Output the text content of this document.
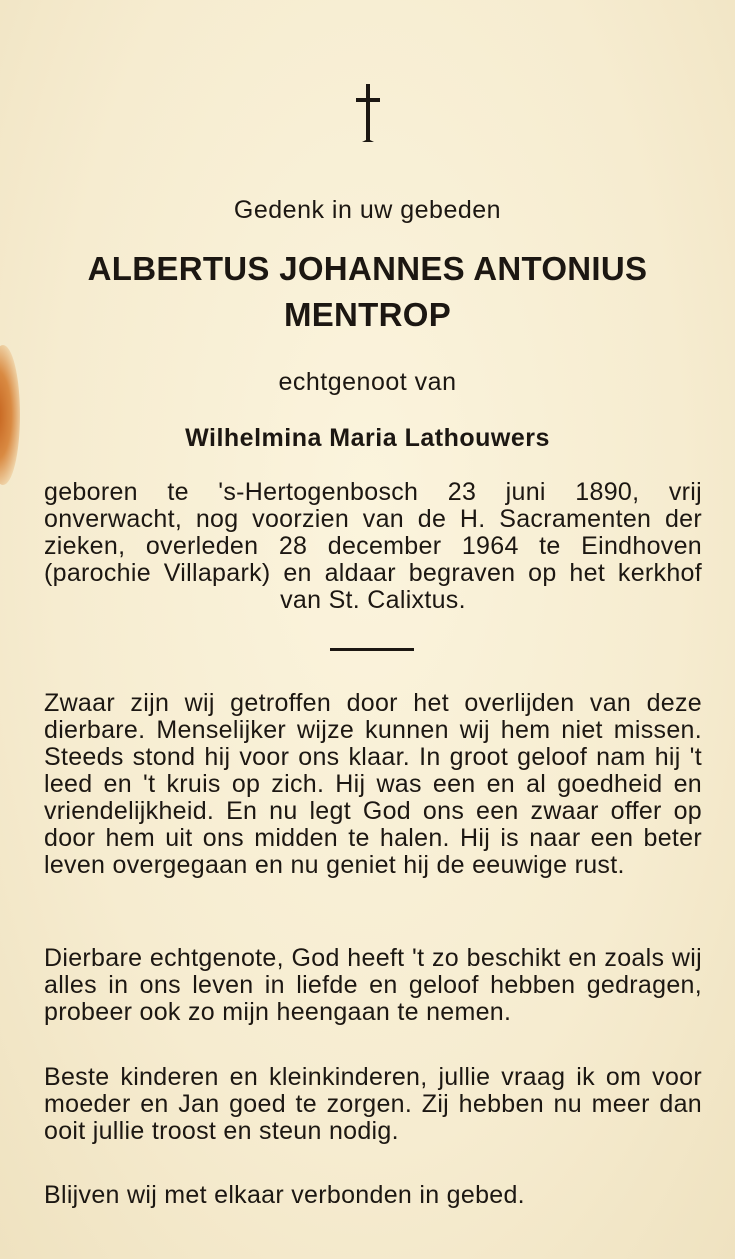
Gedenk in uw gebeden
ALBERTUS JOHANNES ANTONIUS
MENTROP
echtgenoot van
Wilhelmina Maria Lathouwers
geboren te 's-Hertogenbosch 23 juni 1890, vrij onverwacht, nog voorzien van de H. Sacramenten der zieken, overleden 28 december 1964 te Eindhoven (parochie Villapark) en aldaar begraven op het kerkhof van St. Calixtus.
Zwaar zijn wij getroffen door het overlijden van deze dierbare. Menselijker wijze kunnen wij hem niet missen. Steeds stond hij voor ons klaar. In groot geloof nam hij 't leed en 't kruis op zich. Hij was een en al goedheid en vriendelijkheid. En nu legt God ons een zwaar offer op door hem uit ons midden te halen. Hij is naar een beter leven overgegaan en nu geniet hij de eeuwige rust.
Dierbare echtgenote, God heeft 't zo beschikt en zoals wij alles in ons leven in liefde en geloof hebben gedragen, probeer ook zo mijn heengaan te nemen.
Beste kinderen en kleinkinderen, jullie vraag ik om voor moeder en Jan goed te zorgen. Zij hebben nu meer dan ooit jullie troost en steun nodig.
Blijven wij met elkaar verbonden in gebed.
